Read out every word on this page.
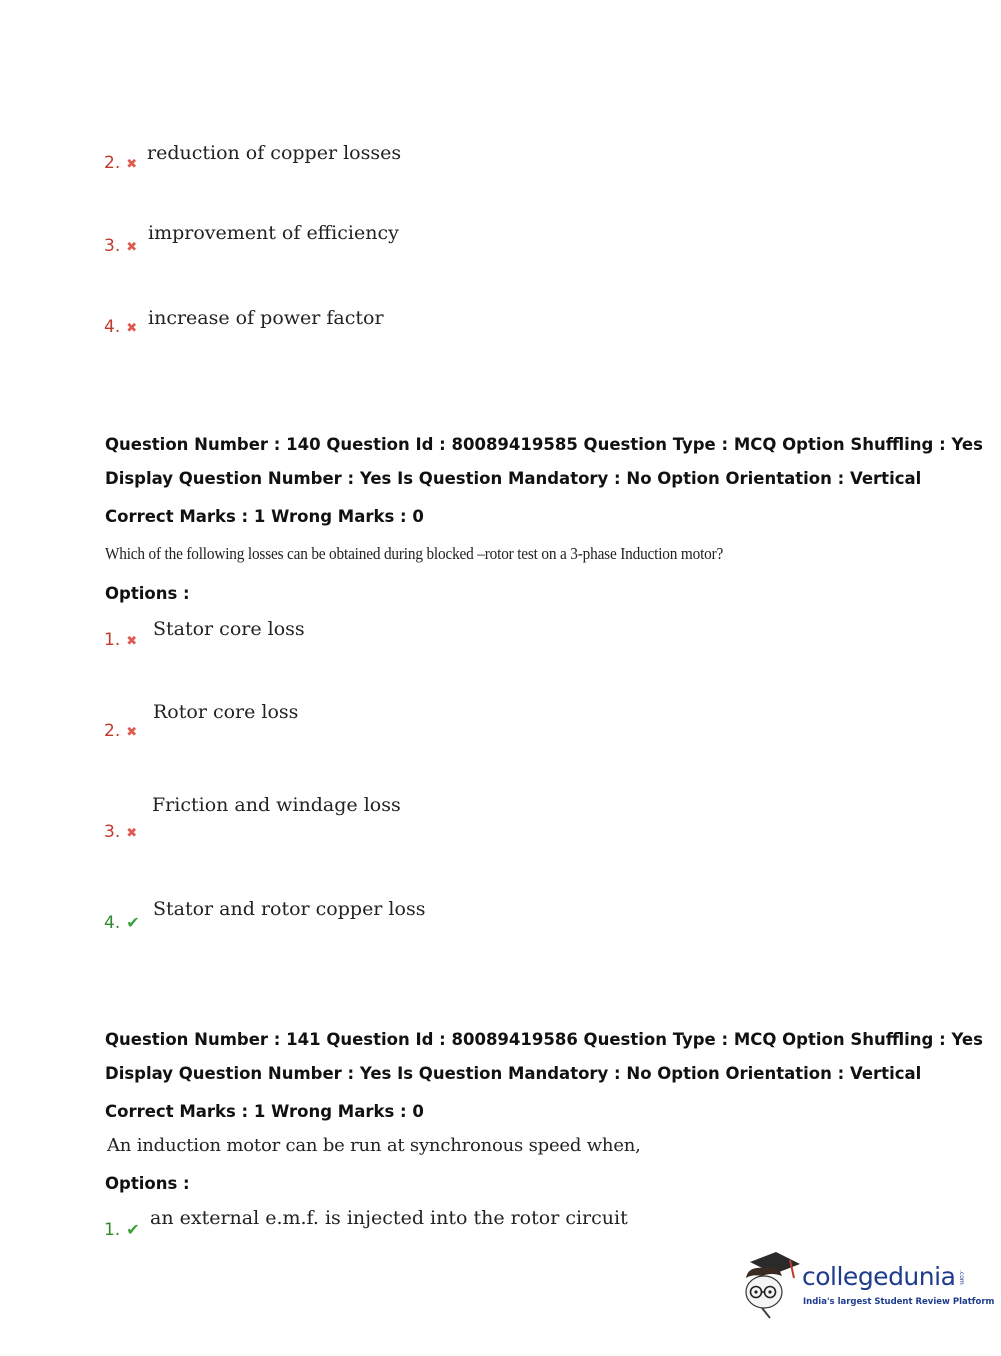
2. ✖
reduction of copper losses
3. ✖
improvement of efficiency
4. ✖ increase of power factor
Question Number : 140 Question Id : 80089419585 Question Type : MCQ Option Shuffling : Yes
Display Question Number : Yes Is Question Mandatory : No Option Orientation : Vertical
Correct Marks : 1 Wrong Marks : 0
Which of the following losses can be obtained during blocked –rotor test on a 3-phase Induction motor?
Options :
1. ✖
Stator core loss
2. ✖
Rotor core loss
3. ✖
Friction and windage loss
4. ✔
Stator and rotor copper loss
Question Number : 141 Question Id : 80089419586 Question Type : MCQ Option Shuffling : Yes
Display Question Number : Yes Is Question Mandatory : No Option Orientation : Vertical
Correct Marks : 1 Wrong Marks : 0
An induction motor can be run at synchronous speed when,
Options :
1. ✔
an external e.m.f. is injected into the rotor circuit
collegedunia .com
India's largest Student Review Platform
